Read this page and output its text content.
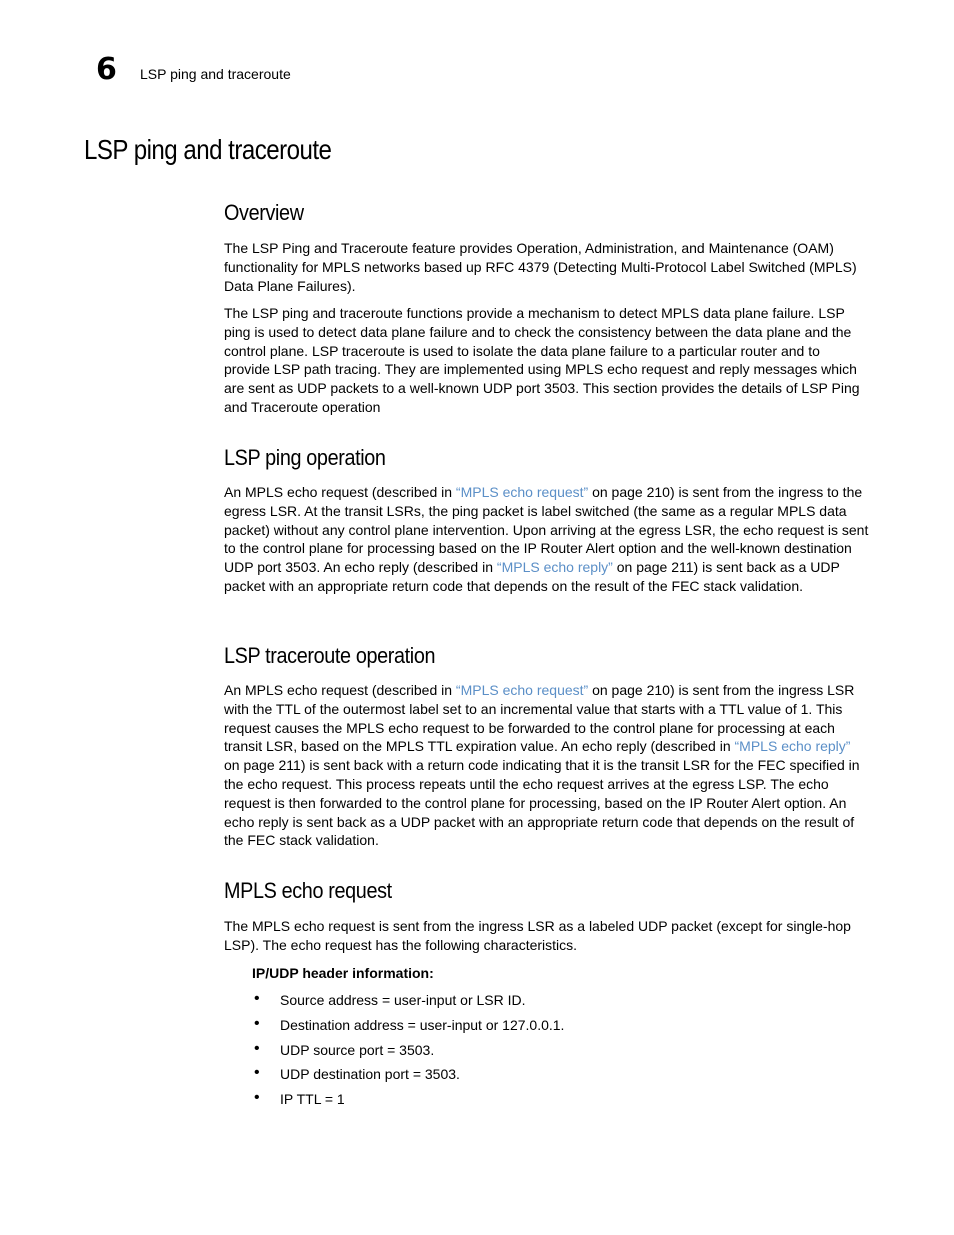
6 LSP ping and traceroute
LSP ping and traceroute
Overview

The LSP Ping and Traceroute feature provides Operation, Administration, and Maintenance (OAM) functionality for MPLS networks based up RFC 4379 (Detecting Multi-Protocol Label Switched (MPLS) Data Plane Failures).

The LSP ping and traceroute functions provide a mechanism to detect MPLS data plane failure. LSP ping is used to detect data plane failure and to check the consistency between the data plane and the control plane. LSP traceroute is used to isolate the data plane failure to a particular router and to provide LSP path tracing. They are implemented using MPLS echo request and reply messages which are sent as UDP packets to a well-known UDP port 3503. This section provides the details of LSP Ping and Traceroute operation

LSP ping operation

An MPLS echo request (described in “MPLS echo request” on page 210) is sent from the ingress to the egress LSR. At the transit LSRs, the ping packet is label switched (the same as a regular MPLS data packet) without any control plane intervention. Upon arriving at the egress LSR, the echo request is sent to the control plane for processing based on the IP Router Alert option and the well-known destination UDP port 3503. An echo reply (described in “MPLS echo reply” on page 211) is sent back as a UDP packet with an appropriate return code that depends on the result of the FEC stack validation.

LSP traceroute operation

An MPLS echo request (described in “MPLS echo request” on page 210) is sent from the ingress LSR with the TTL of the outermost label set to an incremental value that starts with a TTL value of 1. This request causes the MPLS echo request to be forwarded to the control plane for processing at each transit LSR, based on the MPLS TTL expiration value. An echo reply (described in “MPLS echo reply” on page 211) is sent back with a return code indicating that it is the transit LSR for the FEC specified in the echo request. This process repeats until the echo request arrives at the egress LSP. The echo request is then forwarded to the control plane for processing, based on the IP Router Alert option. An echo reply is sent back as a UDP packet with an appropriate return code that depends on the result of the FEC stack validation.

MPLS echo request

The MPLS echo request is sent from the ingress LSR as a labeled UDP packet (except for single-hop LSP). The echo request has the following characteristics.

IP/UDP header information:
• Source address = user-input or LSR ID.
• Destination address = user-input or 127.0.0.1.
• UDP source port = 3503.
• UDP destination port = 3503.
• IP TTL = 1
